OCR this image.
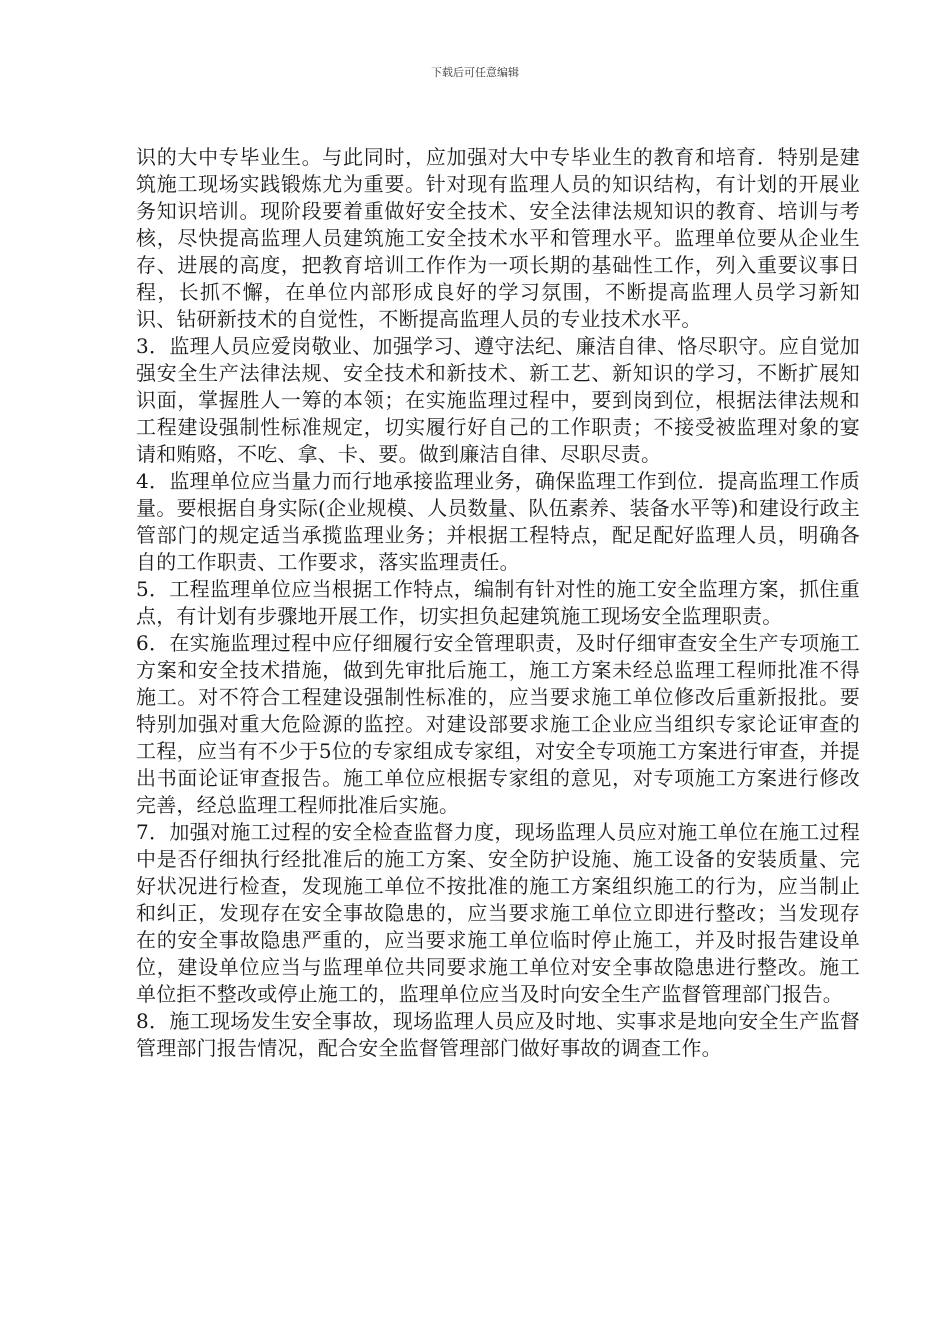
下载后可任意编辑

识的大中专毕业生。与此同时，应加强对大中专毕业生的教育和培育．特别是建筑施工现场实践锻炼尤为重要。针对现有监理人员的知识结构，有计划的开展业务知识培训。现阶段要着重做好安全技术、安全法律法规知识的教育、培训与考核，尽快提高监理人员建筑施工安全技术水平和管理水平。监理单位要从企业生存、进展的高度，把教育培训工作作为一项长期的基础性工作，列入重要议事日程，长抓不懈，在单位内部形成良好的学习氛围，不断提高监理人员学习新知识、钻研新技术的自觉性，不断提高监理人员的专业技术水平。

3．监理人员应爱岗敬业、加强学习、遵守法纪、廉洁自律、恪尽职守。应自觉加强安全生产法律法规、安全技术和新技术、新工艺、新知识的学习，不断扩展知识面，掌握胜人一筹的本领；在实施监理过程中，要到岗到位，根据法律法规和工程建设强制性标准规定，切实履行好自己的工作职责；不接受被监理对象的宴请和贿赂，不吃、拿、卡、要。做到廉洁自律、尽职尽责。

4．监理单位应当量力而行地承接监理业务，确保监理工作到位．提高监理工作质量。要根据自身实际(企业规模、人员数量、队伍素养、装备水平等)和建设行政主管部门的规定适当承揽监理业务；并根据工程特点，配足配好监理人员，明确各自的工作职责、工作要求，落实监理责任。

5．工程监理单位应当根据工作特点，编制有针对性的施工安全监理方案，抓住重点，有计划有步骤地开展工作，切实担负起建筑施工现场安全监理职责。

6．在实施监理过程中应仔细履行安全管理职责，及时仔细审查安全生产专项施工方案和安全技术措施，做到先审批后施工，施工方案未经总监理工程师批准不得施工。对不符合工程建设强制性标准的，应当要求施工单位修改后重新报批。要特别加强对重大危险源的监控。对建设部要求施工企业应当组织专家论证审查的工程，应当有不少于5位的专家组成专家组，对安全专项施工方案进行审查，并提出书面论证审查报告。施工单位应根据专家组的意见，对专项施工方案进行修改完善，经总监理工程师批准后实施。

7．加强对施工过程的安全检查监督力度，现场监理人员应对施工单位在施工过程中是否仔细执行经批准后的施工方案、安全防护设施、施工设备的安装质量、完好状况进行检查，发现施工单位不按批准的施工方案组织施工的行为，应当制止和纠正，发现存在安全事故隐患的，应当要求施工单位立即进行整改；当发现存在的安全事故隐患严重的，应当要求施工单位临时停止施工，并及时报告建设单位，建设单位应当与监理单位共同要求施工单位对安全事故隐患进行整改。施工单位拒不整改或停止施工的，监理单位应当及时向安全生产监督管理部门报告。

8．施工现场发生安全事故，现场监理人员应及时地、实事求是地向安全生产监督管理部门报告情况，配合安全监督管理部门做好事故的调查工作。
